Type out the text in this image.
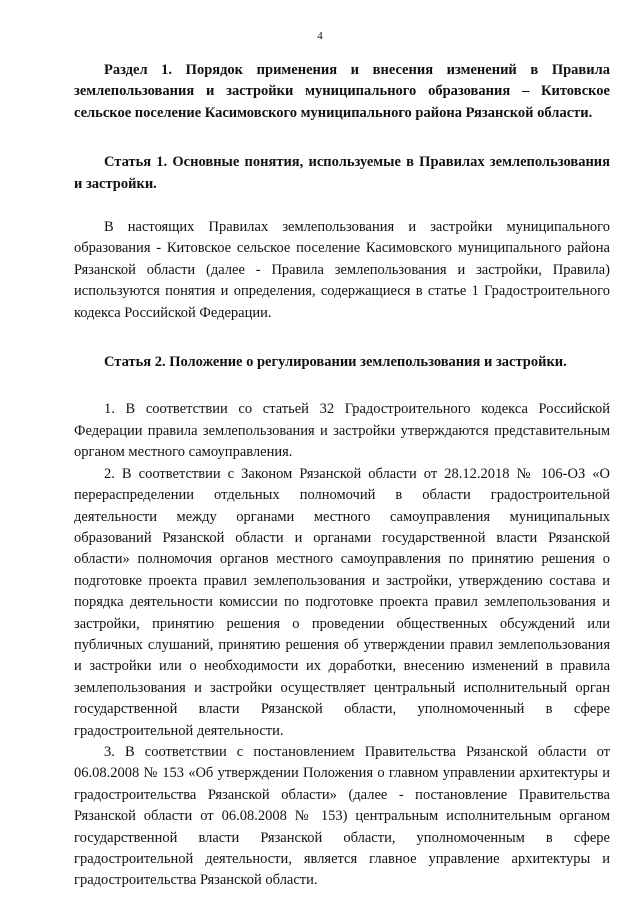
4

Раздел 1. Порядок применения и внесения изменений в Правила землепользования и застройки муниципального образования – Китовское сельское поселение Касимовского муниципального района Рязанской области.

Статья 1. Основные понятия, используемые в Правилах землепользования и застройки.

В настоящих Правилах землепользования и застройки муниципального образования - Китовское сельское поселение Касимовского муниципального района Рязанской области (далее - Правила землепользования и застройки, Правила) используются понятия и определения, содержащиеся в статье 1 Градостроительного кодекса Российской Федерации.

Статья 2. Положение о регулировании землепользования и застройки.

1. В соответствии со статьей 32 Градостроительного кодекса Российской Федерации правила землепользования и застройки утверждаются представительным органом местного самоуправления.

2. В соответствии с Законом Рязанской области от 28.12.2018 № 106-ОЗ «О перераспределении отдельных полномочий в области градостроительной деятельности между органами местного самоуправления муниципальных образований Рязанской области и органами государственной власти Рязанской области» полномочия органов местного самоуправления по принятию решения о подготовке проекта правил землепользования и застройки, утверждению состава и порядка деятельности комиссии по подготовке проекта правил землепользования и застройки, принятию решения о проведении общественных обсуждений или публичных слушаний, принятию решения об утверждении правил землепользования и застройки или о необходимости их доработки, внесению изменений в правила землепользования и застройки осуществляет центральный исполнительный орган государственной власти Рязанской области, уполномоченный в сфере градостроительной деятельности.

3. В соответствии с постановлением Правительства Рязанской области от 06.08.2008 № 153 «Об утверждении Положения о главном управлении архитектуры и градостроительства Рязанской области» (далее - постановление Правительства Рязанской области от 06.08.2008 № 153) центральным исполнительным органом государственной власти Рязанской области, уполномоченным в сфере градостроительной деятельности, является главное управление архитектуры и градостроительства Рязанской области.
